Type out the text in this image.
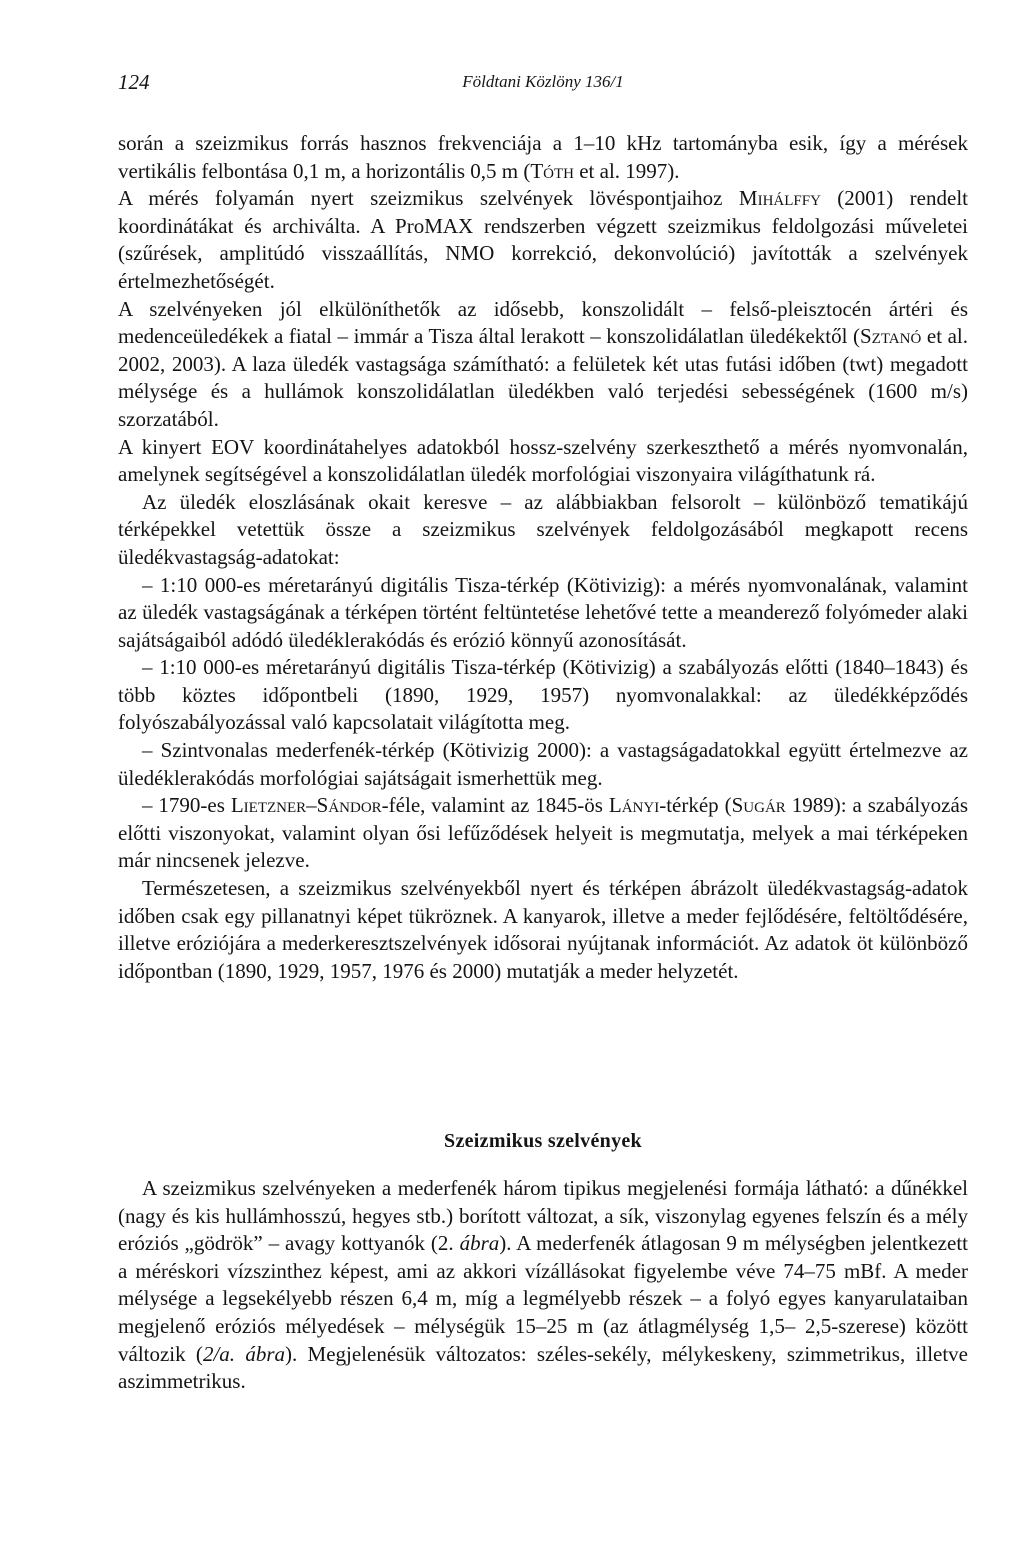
124	Földtani Közlöny 136/1

során a szeizmikus forrás hasznos frekvenciája a 1–10 kHz tartományba esik, így a mérések vertikális felbontása 0,1 m, a horizontális 0,5 m (Tóth et al. 1997).

A mérés folyamán nyert szeizmikus szelvények lövéspontjaihoz Mihálffy (2001) rendelt koordinátákat és archiválta. A ProMAX rendszerben végzett szeizmikus feldolgozási műveletei (szűrések, amplitúdó visszaállítás, NMO korrekció, dekonvolúció) javították a szelvények értelmezhetőségét.

A szelvényeken jól elkülöníthetők az idősebb, konszolidált – felső-pleisztocén ártéri és medenceüledékek a fiatal – immár a Tisza által lerakott – konszolidálatlan üledékektől (Sztanó et al. 2002, 2003). A laza üledék vastagsága számítható: a felületek két utas futási időben (twt) megadott mélysége és a hullámok konszolidálatlan üledékben való terjedési sebességének (1600 m/s) szorzatából.

A kinyert EOV koordinátahelyes adatokból hossz-szelvény szerkeszthető a mérés nyomvonalán, amelynek segítségével a konszolidálatlan üledék morfológiai viszonyaira világíthatunk rá.

Az üledék eloszlásának okait keresve – az alábbiakban felsorolt – különböző tematikájú térképekkel vetettük össze a szeizmikus szelvények feldolgozásából megkapott recens üledékvastagság-adatokat:

– 1:10 000-es méretarányú digitális Tisza-térkép (Kötivizig): a mérés nyomvonalának, valamint az üledék vastagságának a térképen történt feltüntetése lehetővé tette a meanderező folyómeder alaki sajátságaiból adódó üledéklerakódás és erózió könnyű azonosítását.

– 1:10 000-es méretarányú digitális Tisza-térkép (Kötivizig) a szabályozás előtti (1840–1843) és több köztes időpontbeli (1890, 1929, 1957) nyomvonalakkal: az üledékképződés folyószabályozással való kapcsolatait világította meg.

– Szintvonalas mederfenék-térkép (Kötivizig 2000): a vastagságadatokkal együtt értelmezve az üledéklerakódás morfológiai sajátságait ismerhettük meg.

– 1790-es Lietzner–Sándor-féle, valamint az 1845-ös Lányi-térkép (Sugár 1989): a szabályozás előtti viszonyokat, valamint olyan ősi lefűződések helyeit is megmutatja, melyek a mai térképeken már nincsenek jelezve.

Természetesen, a szeizmikus szelvényekből nyert és térképen ábrázolt üledékvastagság-adatok időben csak egy pillanatnyi képet tükröznek. A kanyarok, illetve a meder fejlődésére, feltöltődésére, illetve eróziójára a mederkeresztszelvények idősorai nyújtanak információt. Az adatok öt különböző időpontban (1890, 1929, 1957, 1976 és 2000) mutatják a meder helyzetét.

Szeizmikus szelvények

A szeizmikus szelvényeken a mederfenék három tipikus megjelenési formája látható: a dűnékkel (nagy és kis hullámhosszú, hegyes stb.) borított változat, a sík, viszonylag egyenes felszín és a mély eróziós „gödrök” – avagy kottyanók (2. ábra). A mederfenék átlagosan 9 m mélységben jelentkezett a méréskori vízszinthez képest, ami az akkori vízállásokat figyelembe véve 74–75 mBf. A meder mélysége a legsekélyebb részen 6,4 m, míg a legmélyebb részek – a folyó egyes kanyarulataiban megjelenő eróziós mélyedések – mélységük 15–25 m (az átlagmélység 1,5– 2,5-szerese) között változik (2/a. ábra). Megjelenésük változatos: széles-sekély, mélykeskeny, szimmetrikus, illetve aszimmetrikus.
